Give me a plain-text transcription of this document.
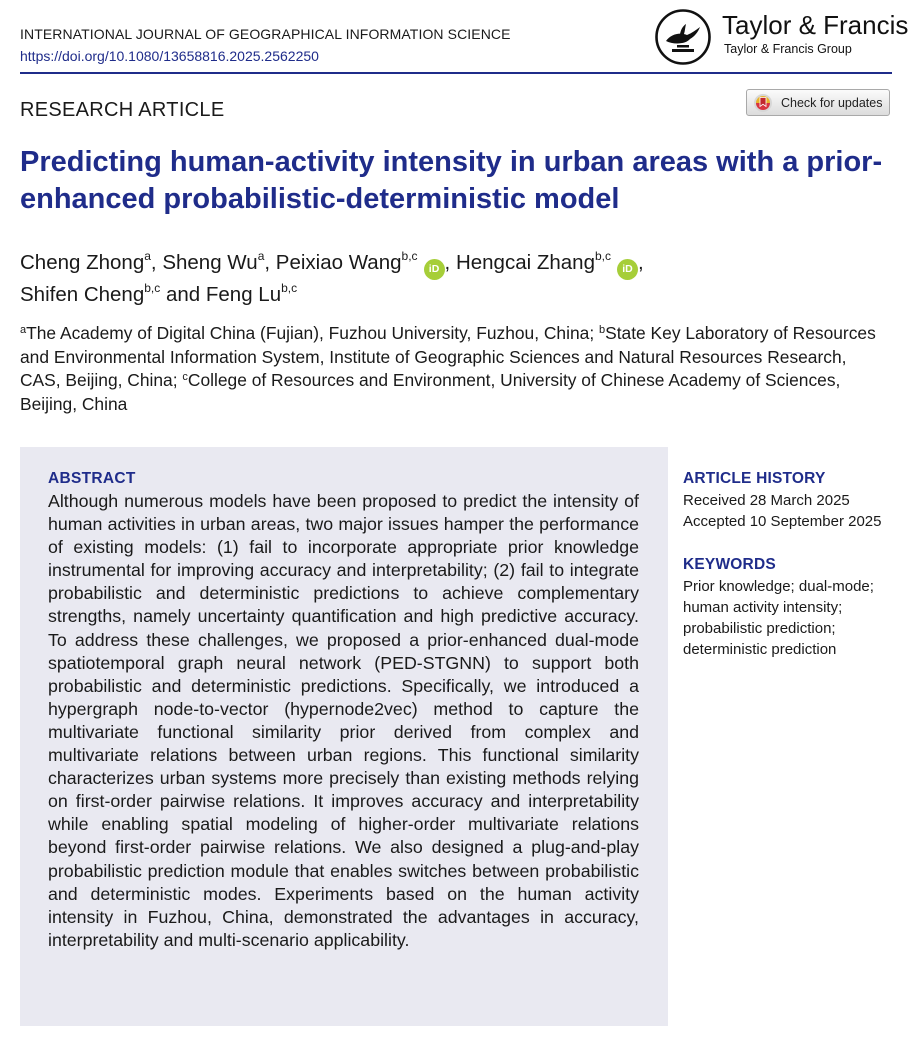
INTERNATIONAL JOURNAL OF GEOGRAPHICAL INFORMATION SCIENCE
https://doi.org/10.1080/13658816.2025.2562250
Taylor & Francis
Taylor & Francis Group
RESEARCH ARTICLE	Check for updates
Predicting human-activity intensity in urban areas with a prior-enhanced probabilistic-deterministic model
Cheng Zhong$^a$, Sheng Wu$^a$, Peixiao Wang$^{b,c}$iD , Hengcai Zhang$^{b,c}$iD ,
Shifen Cheng$^{b,c}$ and Feng Lu$^{b,c}$
$^a$The Academy of Digital China (Fujian), Fuzhou University, Fuzhou, China; $^b$State Key Laboratory of Resources and Environmental Information System, Institute of Geographic Sciences and Natural Resources Research, CAS, Beijing, China; $^c$College of Resources and Environment, University of Chinese Academy of Sciences, Beijing, China
ABSTRACT

Although numerous models have been proposed to predict the intensity of human activities in urban areas, two major issues hamper the performance of existing models: (1) fail to incorporate appropriate prior knowledge instrumental for improving accuracy and interpretability; (2) fail to integrate probabilistic and deterministic predictions to achieve complementary strengths, namely uncertainty quantification and high predictive accuracy. To address these challenges, we proposed a prior-enhanced dual-mode spatiotemporal graph neural network (PED-STGNN) to support both probabilistic and deterministic predictions. Specifically, we introduced a hypergraph node-to-vector (hypernode2vec) method to capture the multivariate functional similarity prior derived from complex and multivariate relations between urban regions. This functional similarity characterizes urban systems more precisely than existing methods relying on first-order pairwise relations. It improves accuracy and interpretability while enabling spatial modeling of higher-order multivariate relations beyond first-order pairwise relations. We also designed a plug-and-play probabilistic prediction module that enables switches between probabilistic and deterministic modes. Experiments based on the human activity intensity in Fuzhou, China, demonstrated the advantages in accuracy, interpretability and multi-scenario applicability.

ARTICLE HISTORY
Received 28 March 2025
Accepted 10 September 2025
KEYWORDS
Prior knowledge; dual-mode; human activity intensity; probabilistic prediction; deterministic prediction
